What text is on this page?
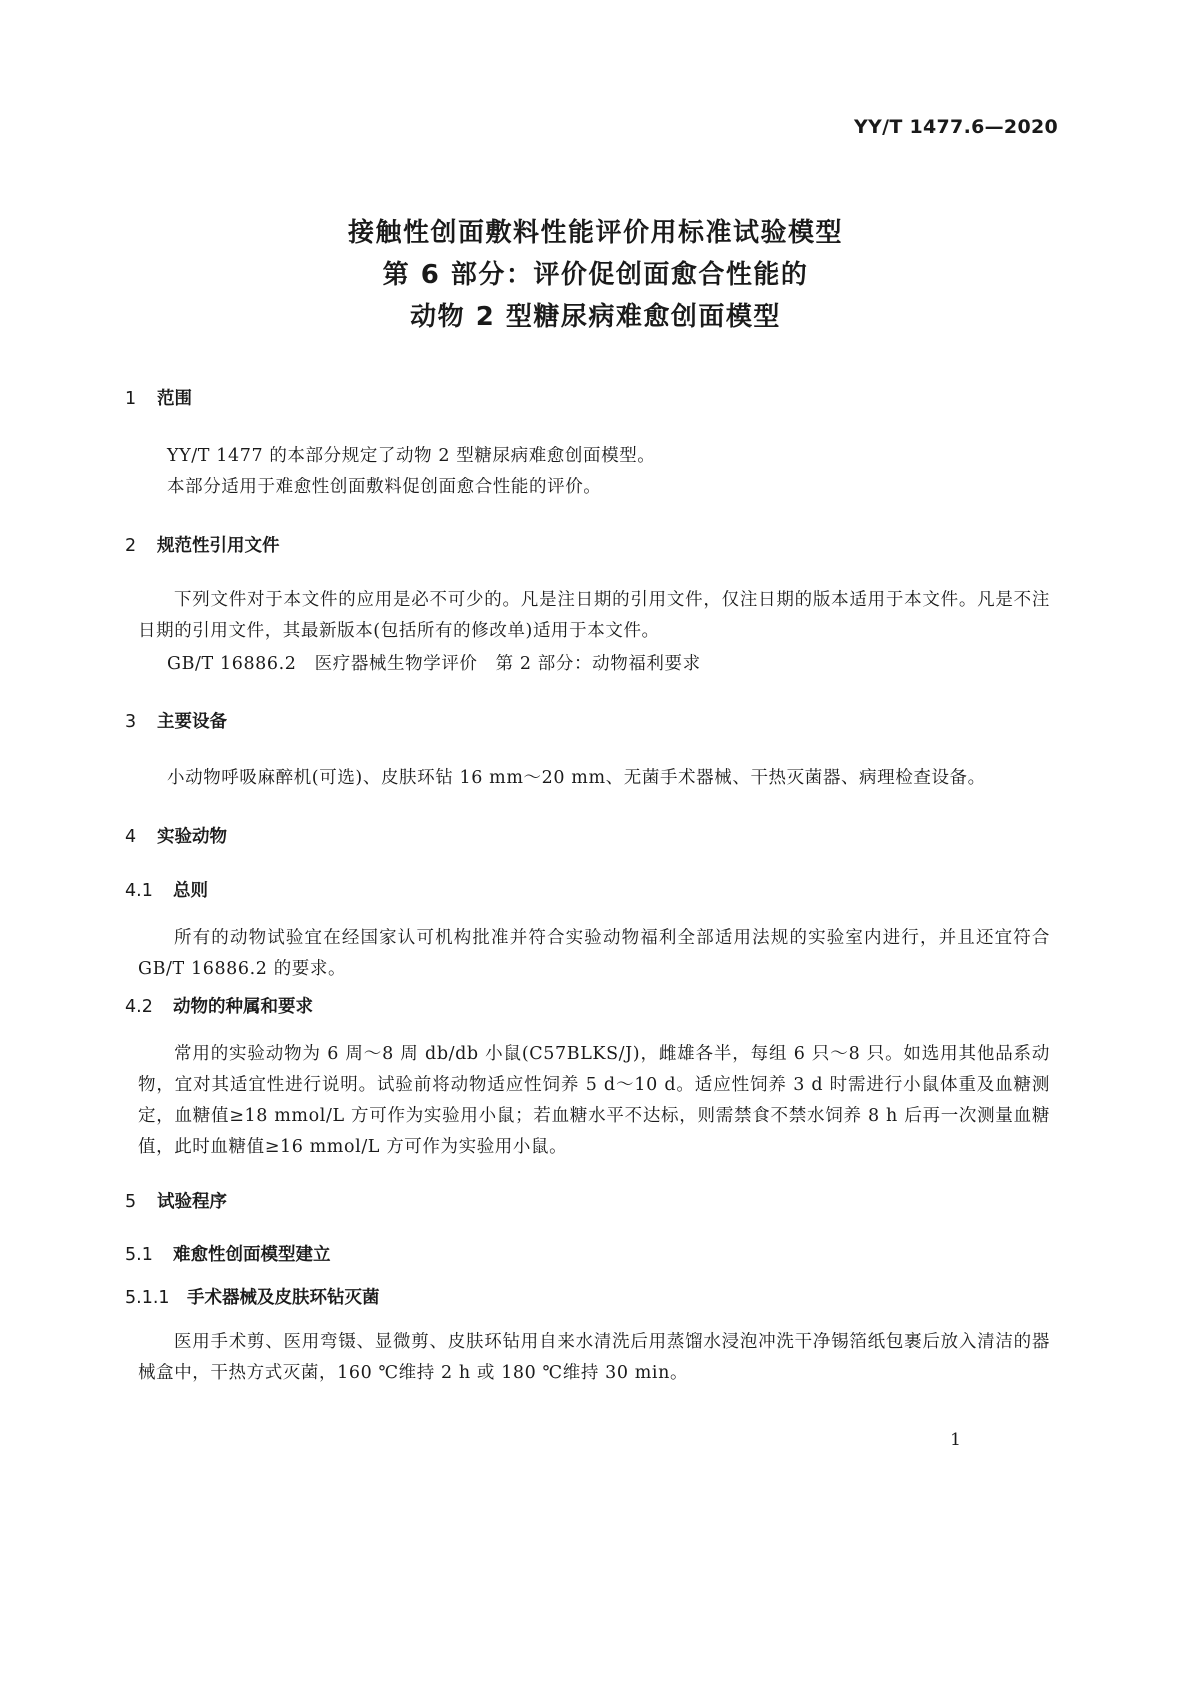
YY/T 1477.6—2020
接触性创面敷料性能评价用标准试验模型
第 6 部分：评价促创面愈合性能的
动物 2 型糖尿病难愈创面模型
1 范围
YY/T 1477 的本部分规定了动物 2 型糖尿病难愈创面模型。
本部分适用于难愈性创面敷料促创面愈合性能的评价。
2 规范性引用文件
下列文件对于本文件的应用是必不可少的。凡是注日期的引用文件，仅注日期的版本适用于本文件。凡是不注日期的引用文件，其最新版本(包括所有的修改单)适用于本文件。
GB/T 16886.2　医疗器械生物学评价　第 2 部分：动物福利要求
3 主要设备
小动物呼吸麻醉机(可选)、皮肤环钻 16 mm～20 mm、无菌手术器械、干热灭菌器、病理检查设备。
4 实验动物
4.1 总则
所有的动物试验宜在经国家认可机构批准并符合实验动物福利全部适用法规的实验室内进行，并且还宜符合 GB/T 16886.2 的要求。
4.2 动物的种属和要求
常用的实验动物为 6 周～8 周 db/db 小鼠(C57BLKS/J)，雌雄各半，每组 6 只～8 只。如选用其他品系动物，宜对其适宜性进行说明。试验前将动物适应性饲养 5 d～10 d。适应性饲养 3 d 时需进行小鼠体重及血糖测定，血糖值≥18 mmol/L 方可作为实验用小鼠；若血糖水平不达标，则需禁食不禁水饲养 8 h 后再一次测量血糖值，此时血糖值≥16 mmol/L 方可作为实验用小鼠。
5 试验程序
5.1 难愈性创面模型建立
5.1.1 手术器械及皮肤环钻灭菌
医用手术剪、医用弯镊、显微剪、皮肤环钻用自来水清洗后用蒸馏水浸泡冲洗干净锡箔纸包裹后放入清洁的器械盒中，干热方式灭菌，160 ℃维持 2 h 或 180 ℃维持 30 min。
1
